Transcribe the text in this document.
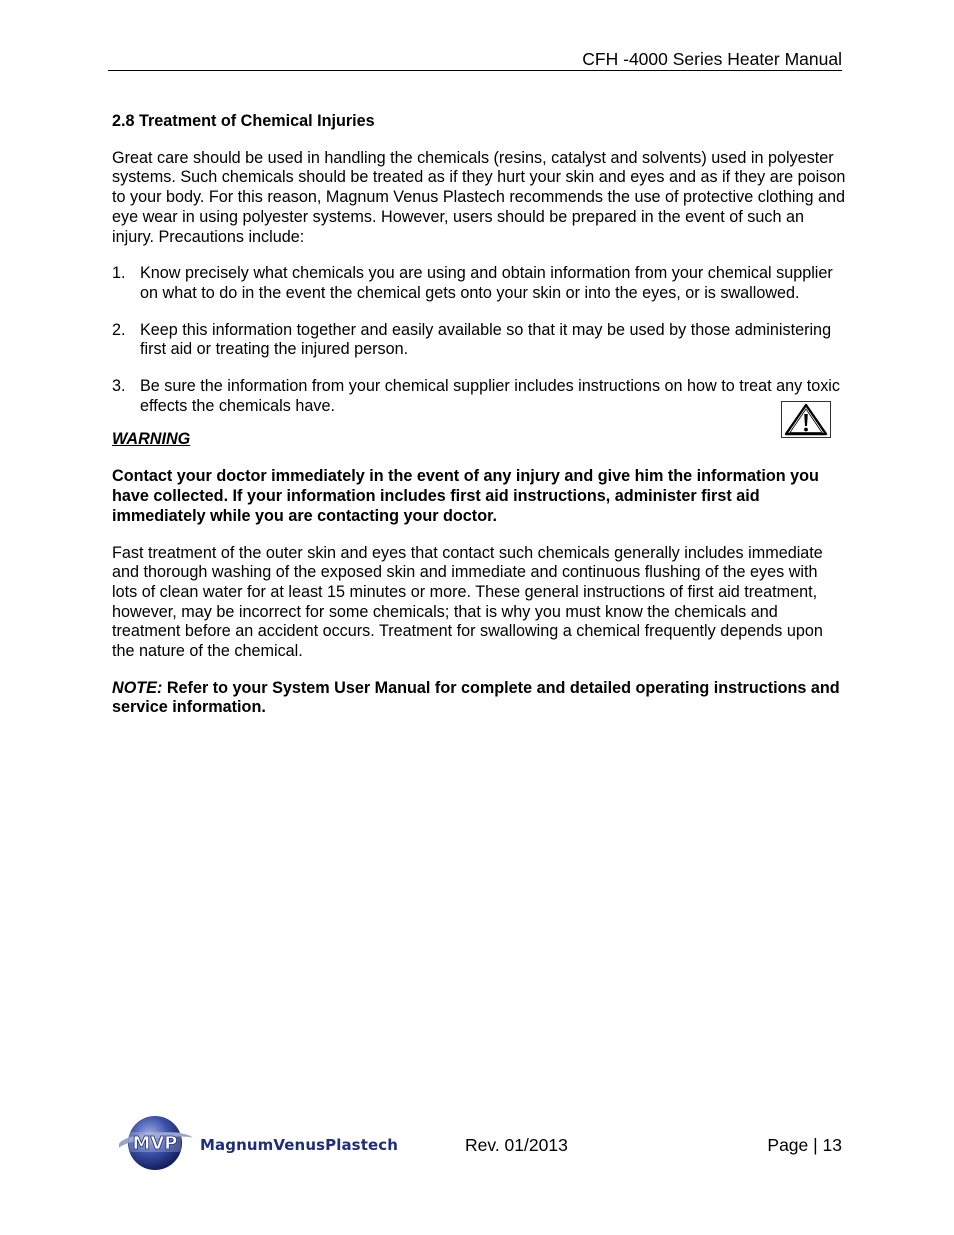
CFH -4000 Series Heater Manual
2.8 Treatment of Chemical Injuries

Great care should be used in handling the chemicals (resins, catalyst and solvents) used in polyester systems. Such chemicals should be treated as if they hurt your skin and eyes and as if they are poison to your body. For this reason, Magnum Venus Plastech recommends the use of protective clothing and eye wear in using polyester systems. However, users should be prepared in the event of such an injury. Precautions include:

1. Know precisely what chemicals you are using and obtain information from your chemical supplier on what to do in the event the chemical gets onto your skin or into the eyes, or is swallowed.
2. Keep this information together and easily available so that it may be used by those administering first aid or treating the injured person.
3. Be sure the information from your chemical supplier includes instructions on how to treat any toxic effects the chemicals have.
WARNING

Contact your doctor immediately in the event of any injury and give him the information you have collected. If your information includes first aid instructions, administer first aid immediately while you are contacting your doctor.

Fast treatment of the outer skin and eyes that contact such chemicals generally includes immediate and thorough washing of the exposed skin and immediate and continuous flushing of the eyes with lots of clean water for at least 15 minutes or more. These general instructions of first aid treatment, however, may be incorrect for some chemicals; that is why you must know the chemicals and treatment before an accident occurs. Treatment for swallowing a chemical frequently depends upon the nature of the chemical.

NOTE: Refer to your System User Manual for complete and detailed operating instructions and service information.

MVP MagnumVenusPlastech	Rev. 01/2013	Page | 13
